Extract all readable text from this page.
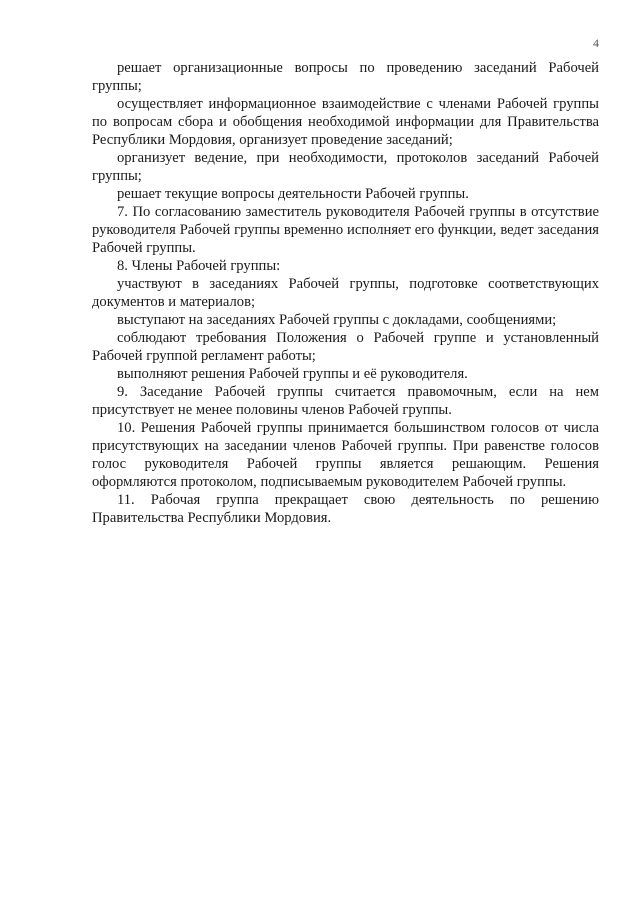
4

решает организационные вопросы по проведению заседаний Рабочей группы;

осуществляет информационное взаимодействие с членами Рабочей группы по вопросам сбора и обобщения необходимой информации для Правительства Республики Мордовия, организует проведение заседаний;

организует ведение, при необходимости, протоколов заседаний Рабочей группы;

решает текущие вопросы деятельности Рабочей группы.

7. По согласованию заместитель руководителя Рабочей группы в отсутствие руководителя Рабочей группы временно исполняет его функции, ведет заседания Рабочей группы.

8. Члены Рабочей группы:

участвуют в заседаниях Рабочей группы, подготовке соответствующих документов и материалов;

выступают на заседаниях Рабочей группы с докладами, сообщениями;

соблюдают требования Положения о Рабочей группе и установленный Рабочей группой регламент работы;

выполняют решения Рабочей группы и её руководителя.

9. Заседание Рабочей группы считается правомочным, если на нем присутствует не менее половины членов Рабочей группы.

10. Решения Рабочей группы принимается большинством голосов от числа присутствующих на заседании членов Рабочей группы. При равенстве голосов голос руководителя Рабочей группы является решающим. Решения оформляются протоколом, подписываемым руководителем Рабочей группы.

11. Рабочая группа прекращает свою деятельность по решению Правительства Республики Мордовия.
